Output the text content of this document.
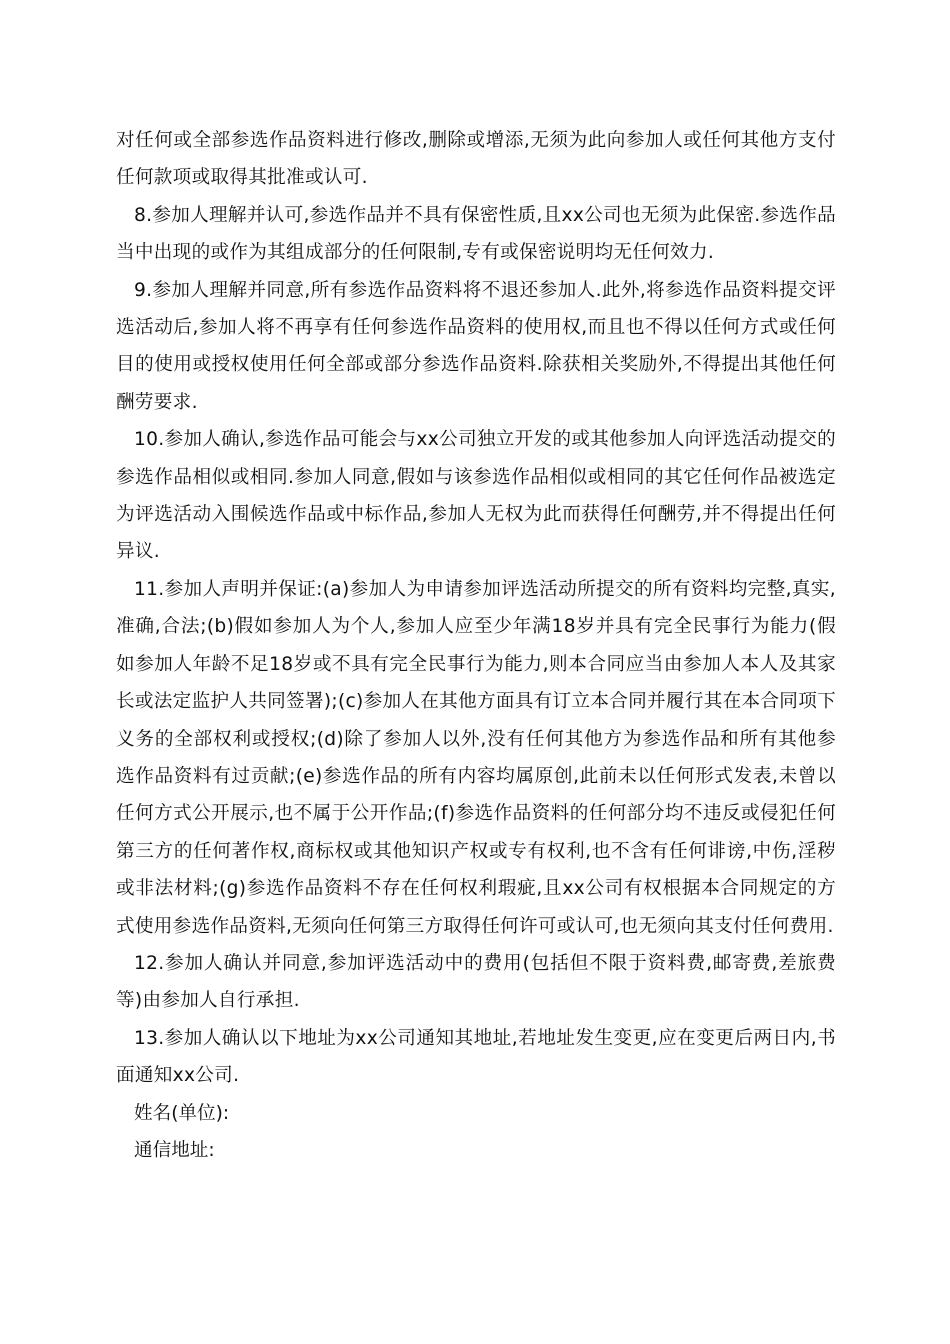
对任何或全部参选作品资料进行修改,删除或增添,无须为此向参加人或任何其他方支付任何款项或取得其批准或认可.

8.参加人理解并认可,参选作品并不具有保密性质,且xx公司也无须为此保密.参选作品当中出现的或作为其组成部分的任何限制,专有或保密说明均无任何效力.

9.参加人理解并同意,所有参选作品资料将不退还参加人.此外,将参选作品资料提交评选活动后,参加人将不再享有任何参选作品资料的使用权,而且也不得以任何方式或任何目的使用或授权使用任何全部或部分参选作品资料.除获相关奖励外,不得提出其他任何酬劳要求.

10.参加人确认,参选作品可能会与xx公司独立开发的或其他参加人向评选活动提交的参选作品相似或相同.参加人同意,假如与该参选作品相似或相同的其它任何作品被选定为评选活动入围候选作品或中标作品,参加人无权为此而获得任何酬劳,并不得提出任何异议.

11.参加人声明并保证:(a)参加人为申请参加评选活动所提交的所有资料均完整,真实,准确,合法;(b)假如参加人为个人,参加人应至少年满18岁并具有完全民事行为能力(假如参加人年龄不足18岁或不具有完全民事行为能力,则本合同应当由参加人本人及其家长或法定监护人共同签署);(c)参加人在其他方面具有订立本合同并履行其在本合同项下义务的全部权利或授权;(d)除了参加人以外,没有任何其他方为参选作品和所有其他参选作品资料有过贡献;(e)参选作品的所有内容均属原创,此前未以任何形式发表,未曾以任何方式公开展示,也不属于公开作品;(f)参选作品资料的任何部分均不违反或侵犯任何第三方的任何著作权,商标权或其他知识产权或专有权利,也不含有任何诽谤,中伤,淫秽或非法材料;(g)参选作品资料不存在任何权利瑕疵,且xx公司有权根据本合同规定的方式使用参选作品资料,无须向任何第三方取得任何许可或认可,也无须向其支付任何费用.

12.参加人确认并同意,参加评选活动中的费用(包括但不限于资料费,邮寄费,差旅费等)由参加人自行承担.

13.参加人确认以下地址为xx公司通知其地址,若地址发生变更,应在变更后两日内,书面通知xx公司.

姓名(单位):

通信地址:
